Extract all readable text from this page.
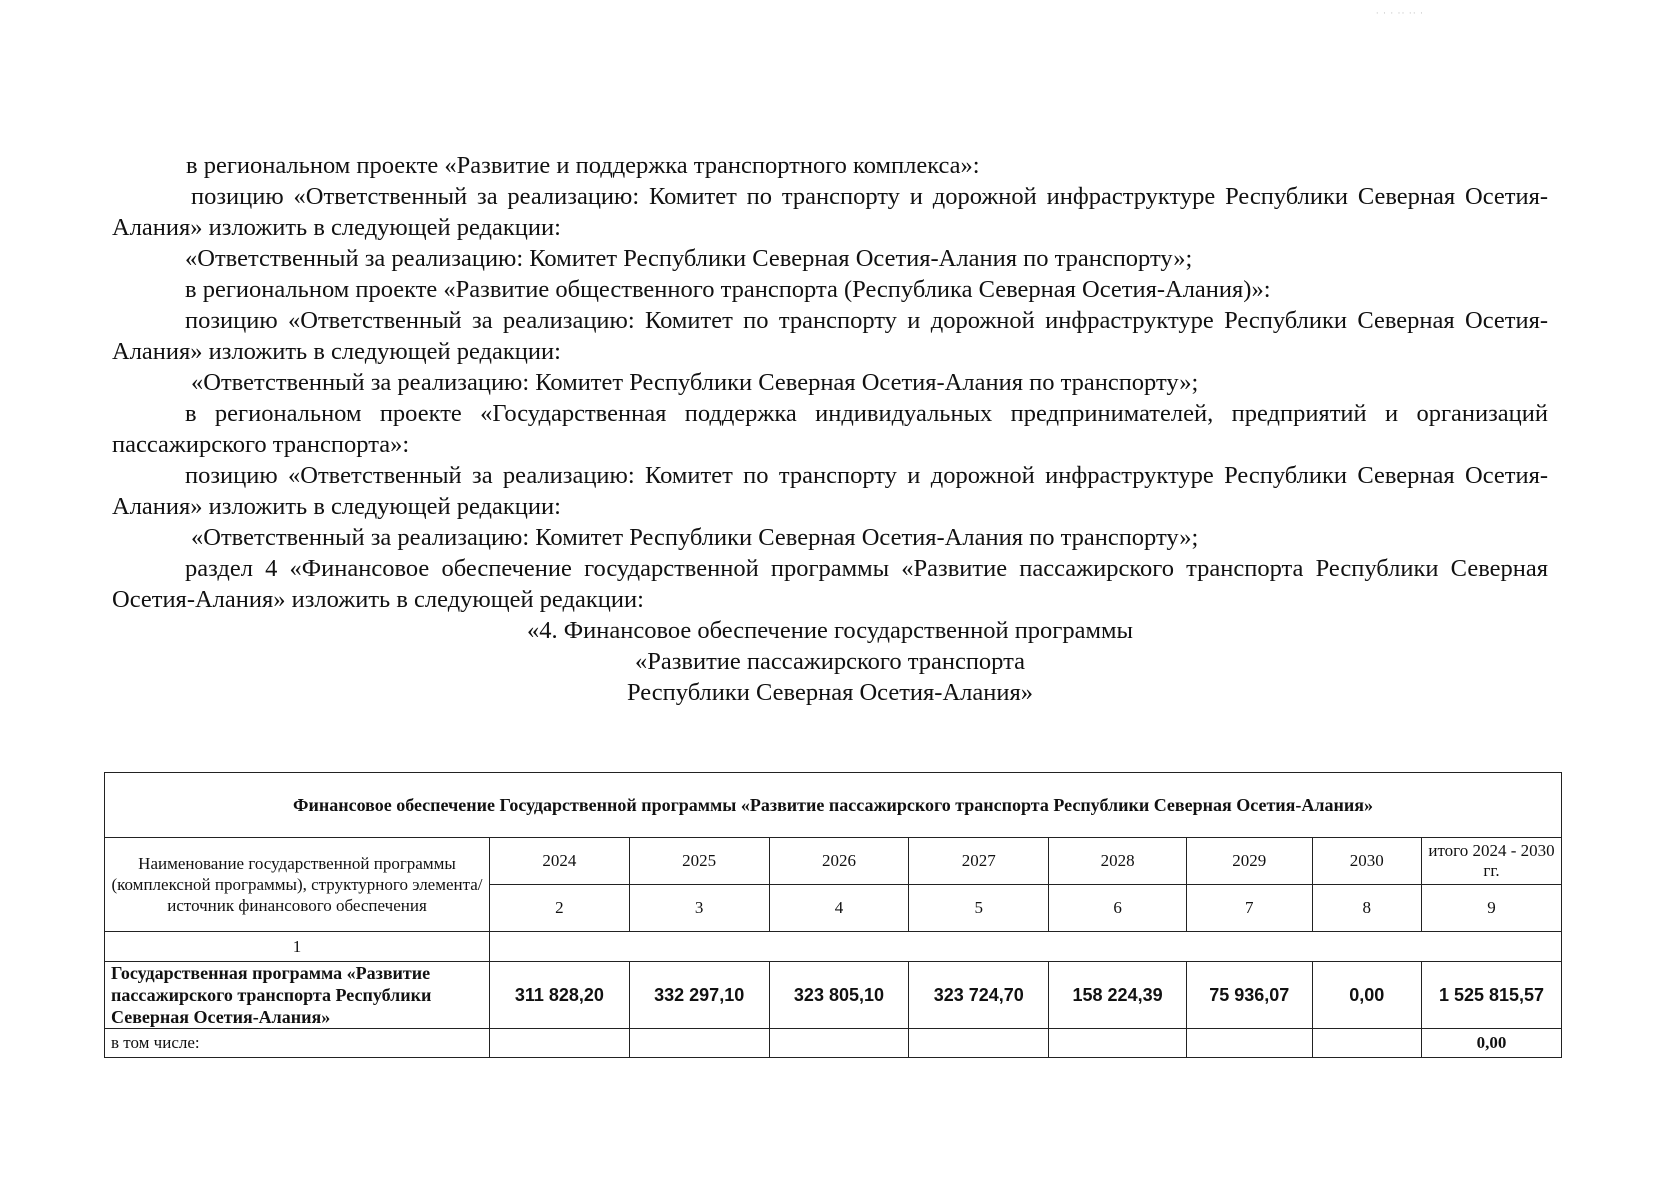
· · · ·· ·· ·

в региональном проекте «Развитие и поддержка транспортного комплекса»:

позицию «Ответственный за реализацию: Комитет по транспорту и дорожной инфраструктуре Республики Северная Осетия-Алания» изложить в следующей редакции:

«Ответственный за реализацию: Комитет Республики Северная Осетия-Алания по транспорту»;

в региональном проекте «Развитие общественного транспорта (Республика Северная Осетия-Алания)»:

позицию «Ответственный за реализацию: Комитет по транспорту и дорожной инфраструктуре Республики Северная Осетия-Алания» изложить в следующей редакции:

«Ответственный за реализацию: Комитет Республики Северная Осетия-Алания по транспорту»;

в региональном проекте «Государственная поддержка индивидуальных предпринимателей, предприятий и организаций пассажирского транспорта»:

позицию «Ответственный за реализацию: Комитет по транспорту и дорожной инфраструктуре Республики Северная Осетия-Алания» изложить в следующей редакции:

«Ответственный за реализацию: Комитет Республики Северная Осетия-Алания по транспорту»;

раздел 4 «Финансовое обеспечение государственной программы «Развитие пассажирского транспорта Республики Северная Осетия-Алания» изложить в следующей редакции:

«4. Финансовое обеспечение государственной программы

«Развитие пассажирского транспорта

Республики Северная Осетия-Алания»

Финансовое обеспечение Государственной программы «Развитие пассажирского транспорта Республики Северная Осетия-Алания»								
Наименование государственной программы (комплексной программы), структурного элемента/источник финансового обеспечения	2024	2025	2026	2027	2028	2029	2030	итого 2024 - 2030 гг.
	2	3	4	5	6	7	8	9
1								
Государственная программа «Развитие пассажирского транспорта Республики Северная Осетия-Алания»	311 828,20	332 297,10	323 805,10	323 724,70	158 224,39	75 936,07	0,00	1 525 815,57
в том числе:								0,00
